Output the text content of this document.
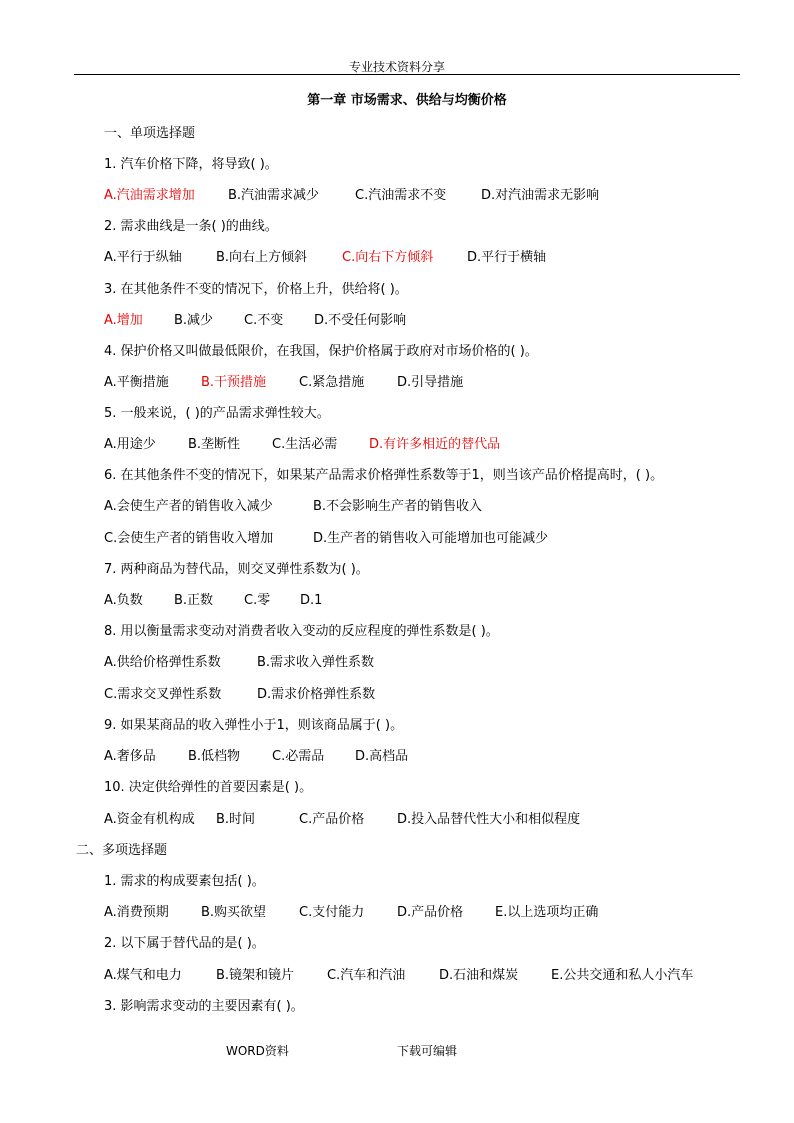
专业技术资料分享
第一章 市场需求、供给与均衡价格
一、单项选择题
1. 汽车价格下降，将导致( )。
A.汽油需求增加	B.汽油需求减少	C.汽油需求不变	D.对汽油需求无影响
2. 需求曲线是一条( )的曲线。
A.平行于纵轴	B.向右上方倾斜	C.向右下方倾斜	D.平行于横轴
3. 在其他条件不变的情况下，价格上升，供给将( )。
A.增加 B.减少 C.不变 D.不受任何影响
4. 保护价格又叫做最低限价，在我国，保护价格属于政府对市场价格的( )。
A.平衡措施 B.干预措施	C.紧急措施	D.引导措施
5. 一般来说，( )的产品需求弹性较大。
A.用途少 B.垄断性 C.生活必需 D.有许多相近的替代品
6. 在其他条件不变的情况下，如果某产品需求价格弹性系数等于1，则当该产品价格提高时，( )。
A.会使生产者的销售收入减少	B.不会影响生产者的销售收入
C.会使生产者的销售收入增加	D.生产者的销售收入可能增加也可能减少
7. 两种商品为替代品，则交叉弹性系数为( )。
A.负数 B.正数 C.零 D.1
8. 用以衡量需求变动对消费者收入变动的反应程度的弹性系数是( )。
A.供给价格弹性系数	B.需求收入弹性系数
C.需求交叉弹性系数	D.需求价格弹性系数
9. 如果某商品的收入弹性小于1，则该商品属于( )。
A.奢侈品 B.低档物 C.必需品 D.高档品
10. 决定供给弹性的首要因素是( )。
A.资金有机构成 B.时间	C.产品价格	D.投入品替代性大小和相似程度
二、多项选择题
1. 需求的构成要素包括( )。
A.消费预期 B.购买欲望	C.支付能力	D.产品价格 E.以上选项均正确
2. 以下属于替代品的是( )。
A.煤气和电力	B.镜架和镜片	C.汽车和汽油	D.石油和煤炭	E.公共交通和私人小汽车
3. 影响需求变动的主要因素有( )。
WORD资料	下载可编辑
